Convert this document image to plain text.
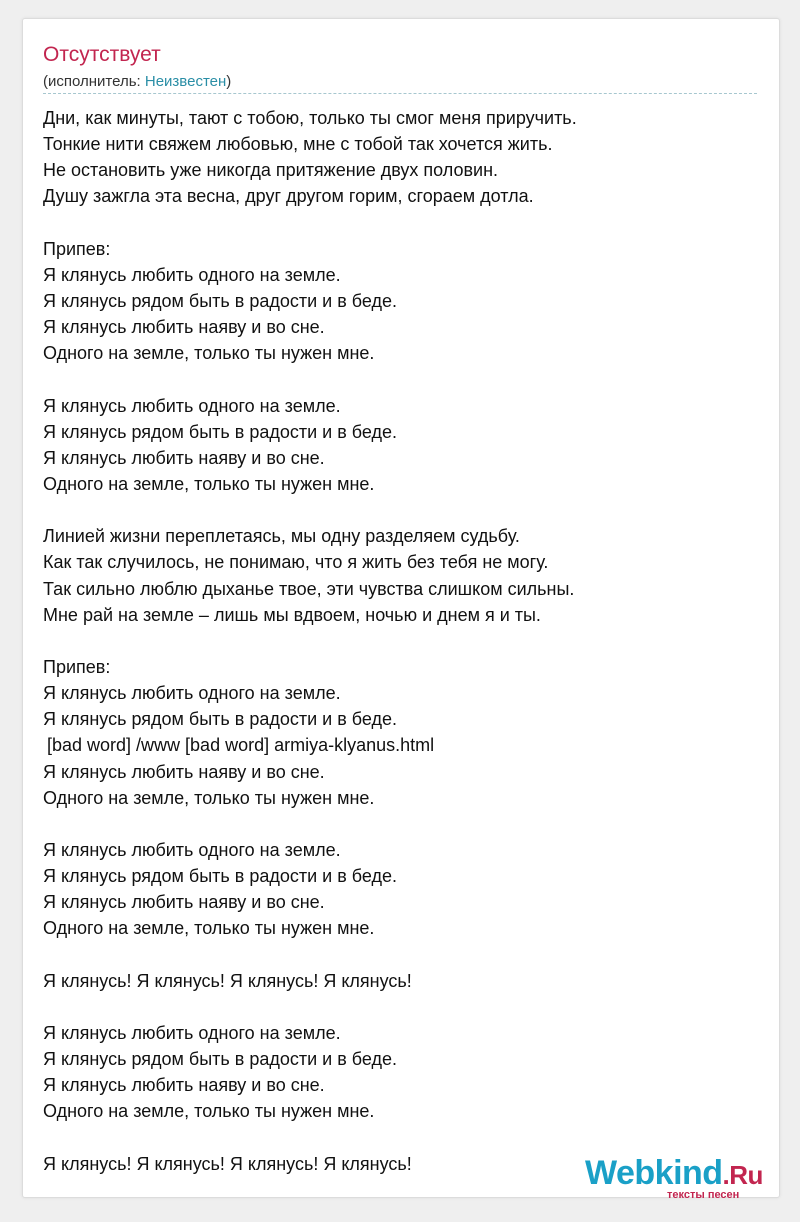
Отсутствует
(исполнитель: Неизвестен)
Дни, как минуты, тают с тобою, только ты смог меня приручить.
Тонкие нити свяжем любовью, мне с тобой так хочется жить.
Не остановить уже никогда притяжение двух половин.
Душу зажгла эта весна, друг другом горим, сгораем дотла.
Припев:
Я клянусь любить одного на земле.
Я клянусь рядом быть в радости и в беде.
Я клянусь любить наяву и во сне.
Одного на земле, только ты нужен мне.
Я клянусь любить одного на земле.
Я клянусь рядом быть в радости и в беде.
Я клянусь любить наяву и во сне.
Одного на земле, только ты нужен мне.
Линией жизни переплетаясь, мы одну разделяем судьбу.
Как так случилось, не понимаю, что я жить без тебя не могу.
Так сильно люблю дыханье твое, эти чувства слишком сильны.
Мне рай на земле – лишь мы вдвоем, ночью и днем я и ты.
Припев:
Я клянусь любить одного на земле.
Я клянусь рядом быть в радости и в беде.
[bad word] /www [bad word] armiya-klyanus.html
Я клянусь любить наяву и во сне.
Одного на земле, только ты нужен мне.
Я клянусь любить одного на земле.
Я клянусь рядом быть в радости и в беде.
Я клянусь любить наяву и во сне.
Одного на земле, только ты нужен мне.
Я клянусь! Я клянусь! Я клянусь! Я клянусь!
Я клянусь любить одного на земле.
Я клянусь рядом быть в радости и в беде.
Я клянусь любить наяву и во сне.
Одного на земле, только ты нужен мне.
Я клянусь! Я клянусь! Я клянусь! Я клянусь!	Webkind.Ru
тексты песен
